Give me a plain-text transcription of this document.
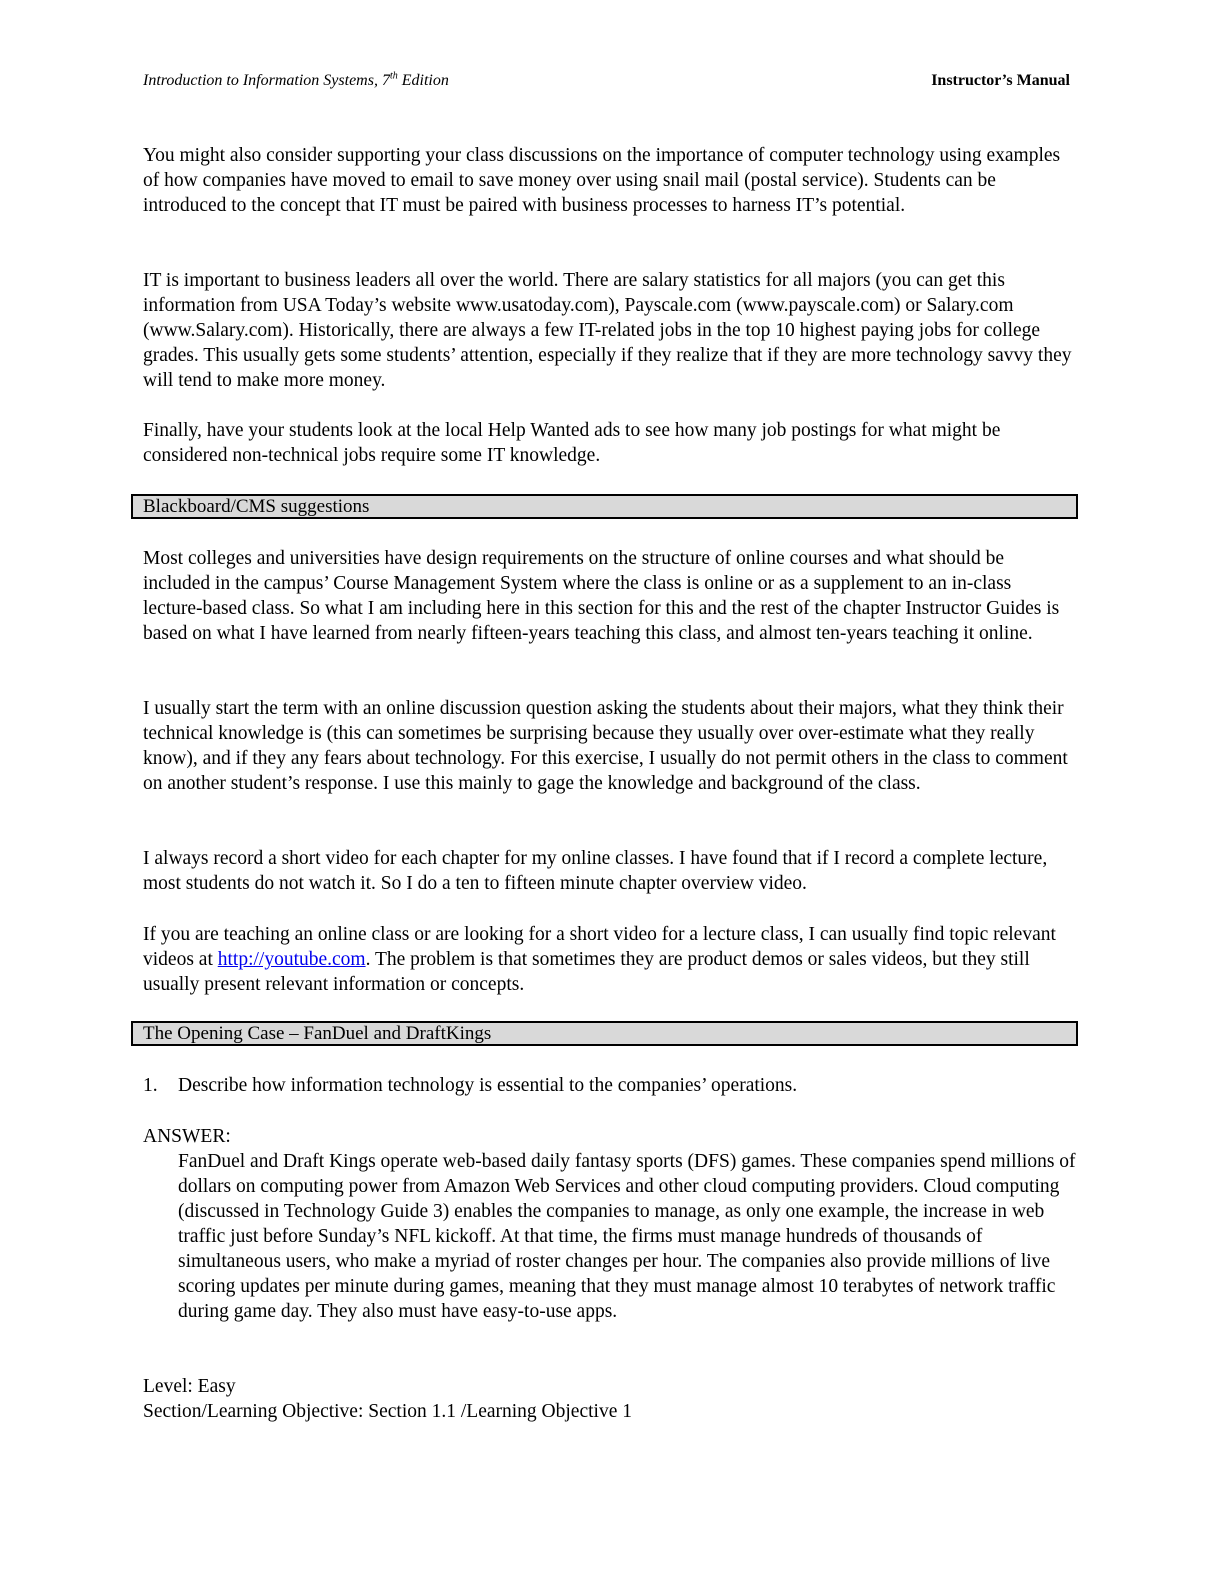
Introduction to Information Systems, 7th Edition	Instructor’s Manual

You might also consider supporting your class discussions on the importance of computer technology using examples of how companies have moved to email to save money over using snail mail (postal service). Students can be introduced to the concept that IT must be paired with business processes to harness IT’s potential.

IT is important to business leaders all over the world. There are salary statistics for all majors (you can get this information from USA Today’s website www.usatoday.com), Payscale.com (www.payscale.com) or Salary.com (www.Salary.com). Historically, there are always a few IT-related jobs in the top 10 highest paying jobs for college grades. This usually gets some students’ attention, especially if they realize that if they are more technology savvy they will tend to make more money.

Finally, have your students look at the local Help Wanted ads to see how many job postings for what might be considered non-technical jobs require some IT knowledge.

Blackboard/CMS suggestions

Most colleges and universities have design requirements on the structure of online courses and what should be included in the campus’ Course Management System where the class is online or as a supplement to an in-class lecture-based class. So what I am including here in this section for this and the rest of the chapter Instructor Guides is based on what I have learned from nearly fifteen-years teaching this class, and almost ten-years teaching it online.

I usually start the term with an online discussion question asking the students about their majors, what they think their technical knowledge is (this can sometimes be surprising because they usually over over-estimate what they really know), and if they any fears about technology. For this exercise, I usually do not permit others in the class to comment on another student’s response. I use this mainly to gage the knowledge and background of the class.

I always record a short video for each chapter for my online classes. I have found that if I record a complete lecture, most students do not watch it. So I do a ten to fifteen minute chapter overview video.

If you are teaching an online class or are looking for a short video for a lecture class, I can usually find topic relevant videos at http://youtube.com. The problem is that sometimes they are product demos or sales videos, but they still usually present relevant information or concepts.

The Opening Case – FanDuel and DraftKings
1. Describe how information technology is essential to the companies’ operations.

ANSWER:

FanDuel and Draft Kings operate web-based daily fantasy sports (DFS) games. These companies spend millions of dollars on computing power from Amazon Web Services and other cloud computing providers. Cloud computing (discussed in Technology Guide 3) enables the companies to manage, as only one example, the increase in web traffic just before Sunday’s NFL kickoff. At that time, the firms must manage hundreds of thousands of simultaneous users, who make a myriad of roster changes per hour. The companies also provide millions of live scoring updates per minute during games, meaning that they must manage almost 10 terabytes of network traffic during game day. They also must have easy-to-use apps.

Level: Easy

Section/Learning Objective: Section 1.1 /Learning Objective 1
